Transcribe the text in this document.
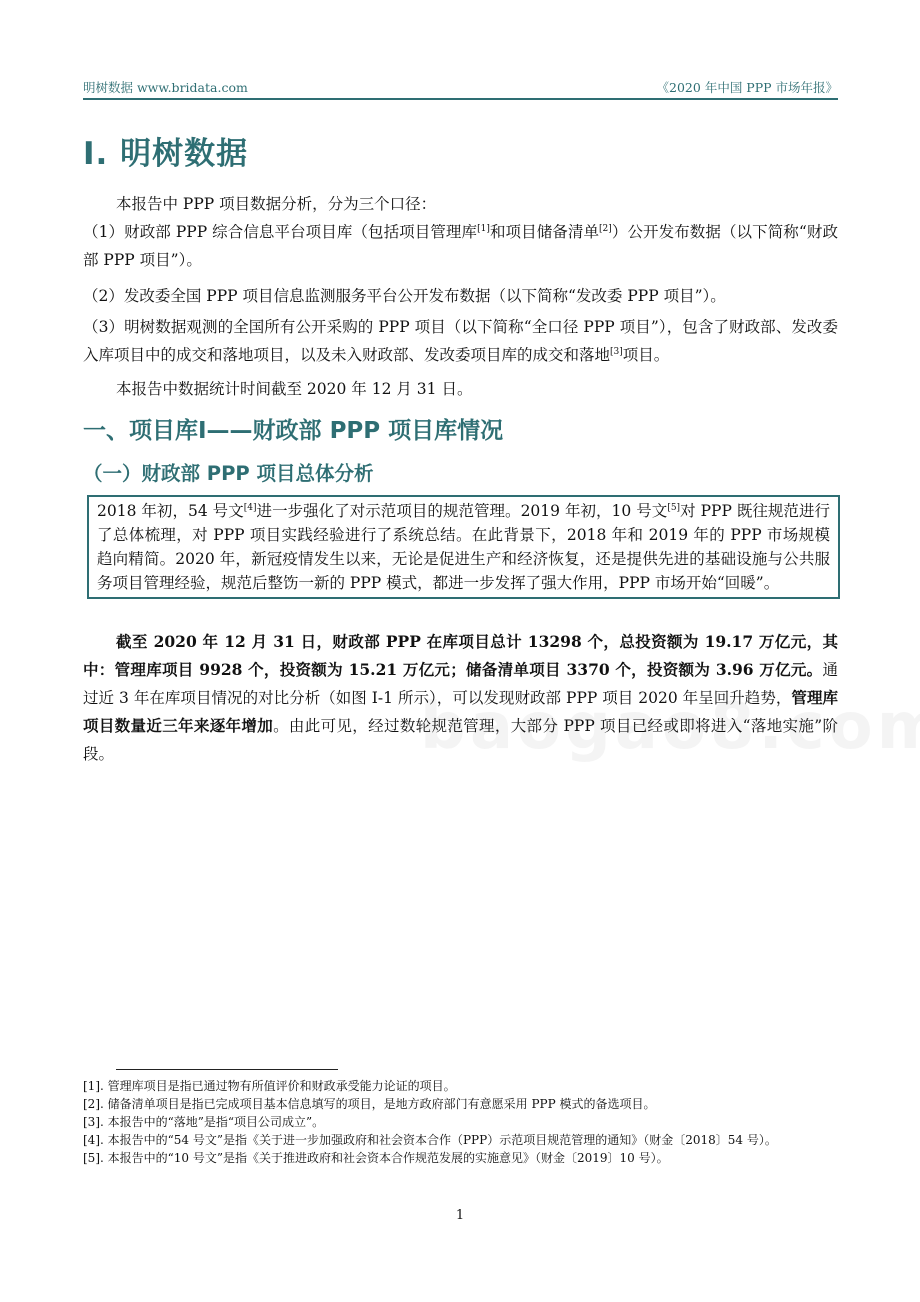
明树数据 www.bridata.com	《2020 年中国 PPP 市场年报》
I. 明树数据

本报告中 PPP 项目数据分析，分为三个口径：

（1）财政部 PPP 综合信息平台项目库（包括项目管理库[1]和项目储备清单[2]）公开发布数据（以下简称“财政部 PPP 项目”）。

（2）发改委全国 PPP 项目信息监测服务平台公开发布数据（以下简称“发改委 PPP 项目”）。

（3）明树数据观测的全国所有公开采购的 PPP 项目（以下简称“全口径 PPP 项目”），包含了财政部、发改委入库项目中的成交和落地项目，以及未入财政部、发改委项目库的成交和落地[3]项目。

本报告中数据统计时间截至 2020 年 12 月 31 日。

一、项目库I——财政部 PPP 项目库情况
（一）财政部 PPP 项目总体分析
2018 年初，54 号文[4]进一步强化了对示范项目的规范管理。2019 年初，10 号文[5]对 PPP 既往规范进行了总体梳理，对 PPP 项目实践经验进行了系统总结。在此背景下，2018 年和 2019 年的 PPP 市场规模趋向精简。2020 年，新冠疫情发生以来，无论是促进生产和经济恢复，还是提供先进的基础设施与公共服务项目管理经验，规范后整饬一新的 PPP 模式，都进一步发挥了强大作用，PPP 市场开始“回暖”。

截至 2020 年 12 月 31 日，财政部 PPP 在库项目总计 13298 个，总投资额为 19.17 万亿元，其中：管理库项目 9928 个，投资额为 15.21 万亿元；储备清单项目 3370 个，投资额为 3.96 万亿元。通过近 3 年在库项目情况的对比分析（如图 I-1 所示），可以发现财政部 PPP 项目 2020 年呈回升趋势，管理库项目数量近三年来逐年增加。由此可见，经过数轮规范管理，大部分 PPP 项目已经或即将进入“落地实施”阶段。

[1]. 管理库项目是指已通过物有所值评价和财政承受能力论证的项目。
[2]. 储备清单项目是指已完成项目基本信息填写的项目，是地方政府部门有意愿采用 PPP 模式的备选项目。
[3]. 本报告中的“落地”是指“项目公司成立”。
[4]. 本报告中的“54 号文”是指《关于进一步加强政府和社会资本合作（PPP）示范项目规范管理的通知》（财金〔2018〕54 号）。
[5]. 本报告中的“10 号文”是指《关于推进政府和社会资本合作规范发展的实施意见》（财金〔2019〕10 号）。
1
